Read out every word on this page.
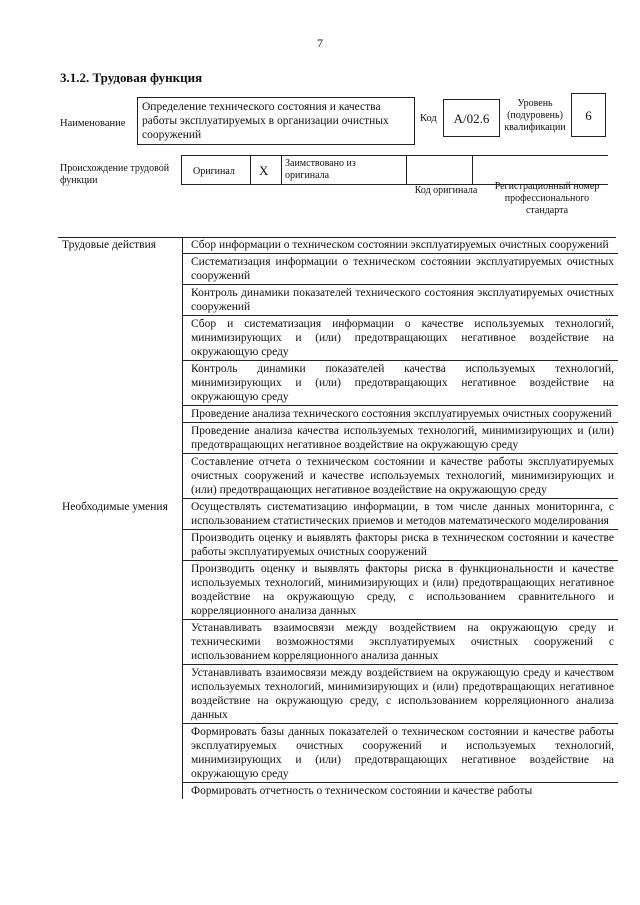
7
3.1.2. Трудовая функция
Наименование
Определение технического состояния и качества работы эксплуатируемых в организации очистных сооружений
Код	А/02.6
Уровень (подуровень) квалификации
6
Происхождение трудовой функции
Оригинал X Заимствовано из оригинала
Код оригинала	Регистрационный номер профессионального стандарта
Трудовые действия	Сбор информации о техническом состоянии эксплуатируемых очистных сооружений
Систематизация информации о техническом состоянии эксплуатируемых очистных сооружений
Контроль динамики показателей технического состояния эксплуатируемых очистных сооружений
Сбор и систематизация информации о качестве используемых технологий, минимизирующих и (или) предотвращающих негативное воздействие на окружающую среду
Контроль динамики показателей качества используемых технологий, минимизирующих и (или) предотвращающих негативное воздействие на окружающую среду
Проведение анализа технического состояния эксплуатируемых очистных сооружений
Проведение анализа качества используемых технологий, минимизирующих и (или) предотвращающих негативное воздействие на окружающую среду
Составление отчета о техническом состоянии и качестве работы эксплуатируемых очистных сооружений и качестве используемых технологий, минимизирующих и (или) предотвращающих негативное воздействие на окружающую среду
Необходимые умения	Осуществлять систематизацию информации, в том числе данных мониторинга, с использованием статистических приемов и методов математического моделирования
Производить оценку и выявлять факторы риска в техническом состоянии и качестве работы эксплуатируемых очистных сооружений
Производить оценку и выявлять факторы риска в функциональности и качестве используемых технологий, минимизирующих и (или) предотвращающих негативное воздействие на окружающую среду, с использованием сравнительного и корреляционного анализа данных
Устанавливать взаимосвязи между воздействием на окружающую среду и техническими возможностями эксплуатируемых очистных сооружений с использованием корреляционного анализа данных
Устанавливать взаимосвязи между воздействием на окружающую среду и качеством используемых технологий, минимизирующих и (или) предотвращающих негативное воздействие на окружающую среду, с использованием корреляционного анализа данных
Формировать базы данных показателей о техническом состоянии и качестве работы эксплуатируемых очистных сооружений и используемых технологий, минимизирующих и (или) предотвращающих негативное воздействие на окружающую среду
Формировать отчетность о техническом состоянии и качестве работы
